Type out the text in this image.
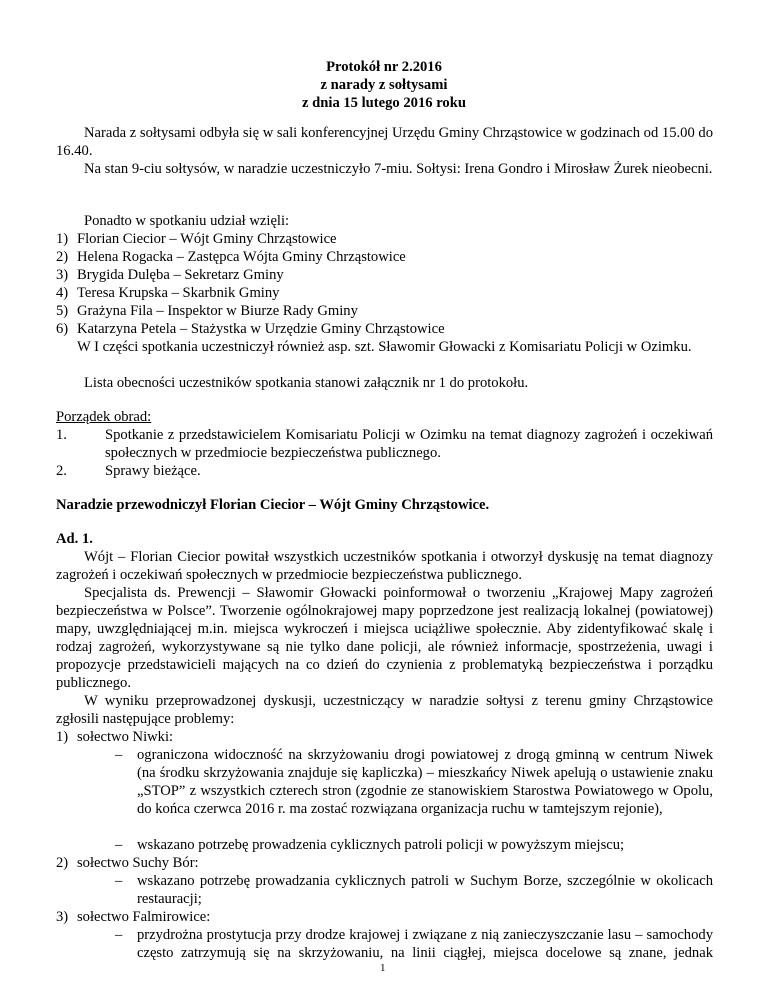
Protokół nr 2.2016
z narady z sołtysami
z dnia 15 lutego 2016 roku
Narada z sołtysami odbyła się w sali konferencyjnej Urzędu Gminy Chrząstowice w godzinach od 15.00 do 16.40.
Na stan 9-ciu sołtysów, w naradzie uczestniczyło 7-miu. Sołtysi: Irena Gondro i Mirosław Żurek nieobecni.
Ponadto w spotkaniu udział wzięli:
1) Florian Ciecior – Wójt Gminy Chrząstowice
2) Helena Rogacka – Zastępca Wójta Gminy Chrząstowice
3) Brygida Dulęba – Sekretarz Gminy
4) Teresa Krupska – Skarbnik Gminy
5) Grażyna Fila – Inspektor w Biurze Rady Gminy
6) Katarzyna Petela – Stażystka w Urzędzie Gminy Chrząstowice
W I części spotkania uczestniczył również asp. szt. Sławomir Głowacki z Komisariatu Policji w Ozimku.
Lista obecności uczestników spotkania stanowi załącznik nr 1 do protokołu.
Porządek obrad:
1.	Spotkanie z przedstawicielem Komisariatu Policji w Ozimku na temat diagnozy zagrożeń i oczekiwań społecznych w przedmiocie bezpieczeństwa publicznego.
2.	Sprawy bieżące.
Naradzie przewodniczył Florian Ciecior – Wójt Gminy Chrząstowice.
Ad. 1.
Wójt – Florian Ciecior powitał wszystkich uczestników spotkania i otworzył dyskusję na temat diagnozy zagrożeń i oczekiwań społecznych w przedmiocie bezpieczeństwa publicznego.
Specjalista ds. Prewencji – Sławomir Głowacki poinformował o tworzeniu „Krajowej Mapy zagrożeń bezpieczeństwa w Polsce”. Tworzenie ogólnokrajowej mapy poprzedzone jest realizacją lokalnej (powiatowej) mapy, uwzględniającej m.in. miejsca wykroczeń i miejsca uciążliwe społecznie. Aby zidentyfikować skalę i rodzaj zagrożeń, wykorzystywane są nie tylko dane policji, ale również informacje, spostrzeżenia, uwagi i propozycje przedstawicieli mających na co dzień do czynienia z problematyką bezpieczeństwa i porządku publicznego.
W wyniku przeprowadzonej dyskusji, uczestniczący w naradzie sołtysi z terenu gminy Chrząstowice zgłosili następujące problemy:
1) sołectwo Niwki:
– ograniczona widoczność na skrzyżowaniu drogi powiatowej z drogą gminną w centrum Niwek (na środku skrzyżowania znajduje się kapliczka) – mieszkańcy Niwek apelują o ustawienie znaku „STOP” z wszystkich czterech stron (zgodnie ze stanowiskiem Starostwa Powiatowego w Opolu, do końca czerwca 2016 r. ma zostać rozwiązana organizacja ruchu w tamtejszym rejonie),
– wskazano potrzebę prowadzenia cyklicznych patroli policji w powyższym miejscu;
2) sołectwo Suchy Bór:
– wskazano potrzebę prowadzania cyklicznych patroli w Suchym Borze, szczególnie w okolicach restauracji;
3) sołectwo Falmirowice:
– przydrożna prostytucja przy drodze krajowej i związane z nią zanieczyszczanie lasu – samochody często zatrzymują się na skrzyżowaniu, na linii ciągłej, miejsca docelowe są znane, jednak
1
